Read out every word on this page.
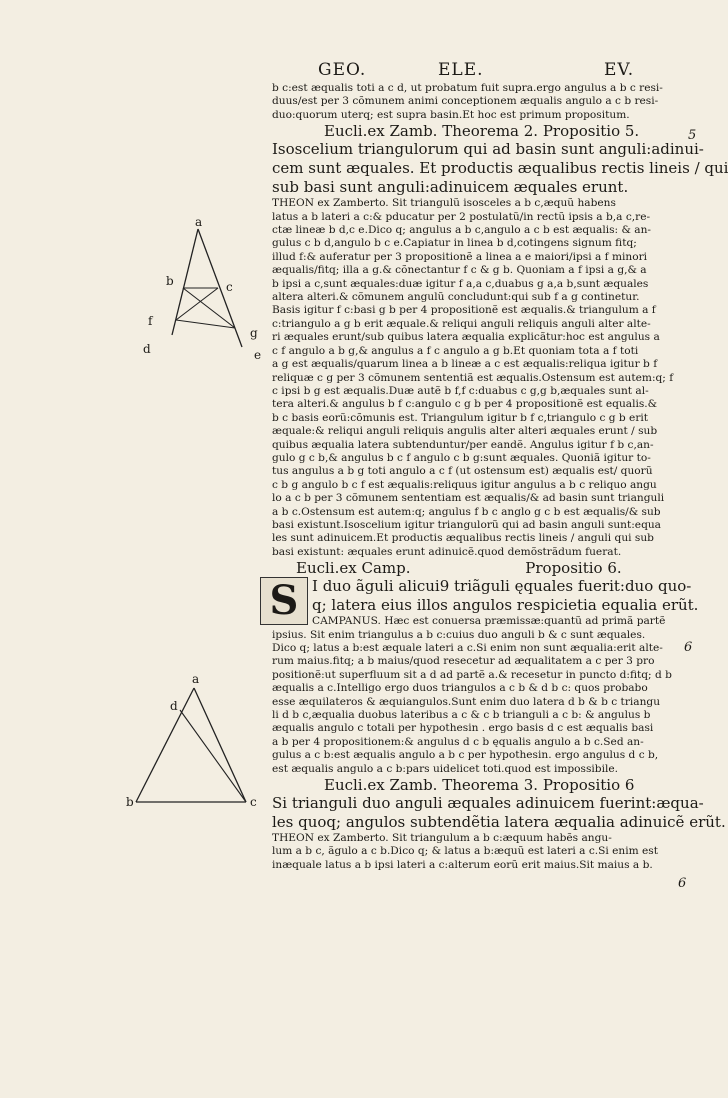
GEO.	ELE.	EV.
a
b	c
f
g
d	e
a
d
b	c
5
6
6
b c:est æqualis toti a c d, ut probatum fuit supra.ergo angulus a b c resi-
duus/est per 3 cõmunem animi conceptionem æqualis angulo a c b resi-
duo:quorum uterq; est supra basin.Et hoc est primum propositum.
Eucli.ex Zamb. Theorema 2. Propositio 5.
Isoscelium triangulorum qui ad basin sunt anguli:adinui-
cem sunt æquales. Et productis æqualibus rectis lineis / qui
sub basi sunt anguli:adinuicem æquales erunt.
THEON ex Zamberto. Sit triangulũ isosceles a b c,æquũ habens
latus a b lateri a c:& pducatur per 2 postulatũ/in rectũ ipsis a b,a c,re-
ctæ lineæ b d,c e.Dico q; angulus a b c,angulo a c b est æqualis: & an-
gulus c b d,angulo b c e.Capiatur in linea b d,cotingens signum fitq;
illud f:& auferatur per 3 propositionẽ a linea a e maiori/ipsi a f minori
æqualis/fitq; illa a g.& cõnectantur f c & g b. Quoniam a f ipsi a g,& a
b ipsi a c,sunt æquales:duæ igitur f a,a c,duabus g a,a b,sunt æquales
altera alteri.& cõmunem angulũ concludunt:qui sub f a g continetur.
Basis igitur f c:basi g b per 4 propositionẽ est æqualis.& triangulum a f
c:triangulo a g b erit æquale.& reliqui anguli reliquis anguli alter alte-
ri æquales erunt/sub quibus latera æqualia explicãtur:hoc est angulus a
c f angulo a b g,& angulus a f c angulo a g b.Et quoniam tota a f toti
a g est æqualis/quarum linea a b lineæ a c est æqualis:reliqua igitur b f
reliquæ c g per 3 cõmunem sententiã est æqualis.Ostensum est autem:q; f
c ipsi b g est æqualis.Duæ autẽ b f,f c:duabus c g,g b,æquales sunt al-
tera alteri.& angulus b f c:angulo c g b per 4 propositionẽ est equalis.&
b c basis eorũ:cõmunis est. Triangulum igitur b f c,triangulo c g b erit
æquale:& reliqui anguli reliquis angulis alter alteri æquales erunt / sub
quibus æqualia latera subtenduntur/per eandẽ. Angulus igitur f b c,an-
gulo g c b,& angulus b c f angulo c b g:sunt æquales. Quoniã igitur to-
tus angulus a b g toti angulo a c f (ut ostensum est) æqualis est/ quorũ
c b g angulo b c f est æqualis:reliquus igitur angulus a b c reliquo angu
lo a c b per 3 cõmunem sententiam est æqualis/& ad basin sunt trianguli
a b c.Ostensum est autem:q; angulus f b c anglo g c b est æqualis/& sub
basi existunt.Isoscelium igitur triangulorũ qui ad basin anguli sunt:equa
les sunt adinuicem.Et productis æqualibus rectis lineis / anguli qui sub
basi existunt: æquales erunt adinuicẽ.quod demõstrãdum fuerat.
Eucli.ex Camp.	Propositio 6.
S I duo ãguli alicui9 triãguli ęquales fuerit:duo quo-
q; latera eius illos angulos respicietia equalia erũt.
CAMPANUS. Hæc est conuersa præmissæ:quantũ ad primã partẽ
ipsius. Sit enim triangulus a b c:cuius duo anguli b & c sunt æquales.
Dico q; latus a b:est æquale lateri a c.Si enim non sunt æqualia:erit alte-
rum maius.fitq; a b maius/quod resecetur ad æqualitatem a c per 3 pro
positionẽ:ut superfluum sit a d ad partẽ a.& recesetur in puncto d:fitq; d b
æqualis a c.Intelligo ergo duos triangulos a c b & d b c: quos probabo
esse æquilateros & æquiangulos.Sunt enim duo latera d b & b c triangu
li d b c,æqualia duobus lateribus a c & c b trianguli a c b: & angulus b
æqualis angulo c totali per hypothesin . ergo basis d c est æqualis basi
a b per 4 propositionem:& angulus d c b ęqualis angulo a b c.Sed an-
gulus a c b:est æqualis angulo a b c per hypothesin. ergo angulus d c b,
est æqualis angulo a c b:pars uidelicet toti.quod est impossibile.
Eucli.ex Zamb. Theorema 3. Propositio 6
Si trianguli duo anguli æquales adinuicem fuerint:æqua-
les quoq; angulos subtendẽtia latera æqualia adinuicẽ erũt.
THEON ex Zamberto. Sit triangulum a b c:æquum habẽs angu-
lum a b c, ãgulo a c b.Dico q; & latus a b:æquũ est lateri a c.Si enim est
inæquale latus a b ipsi lateri a c:alterum eorũ erit maius.Sit maius a b.
